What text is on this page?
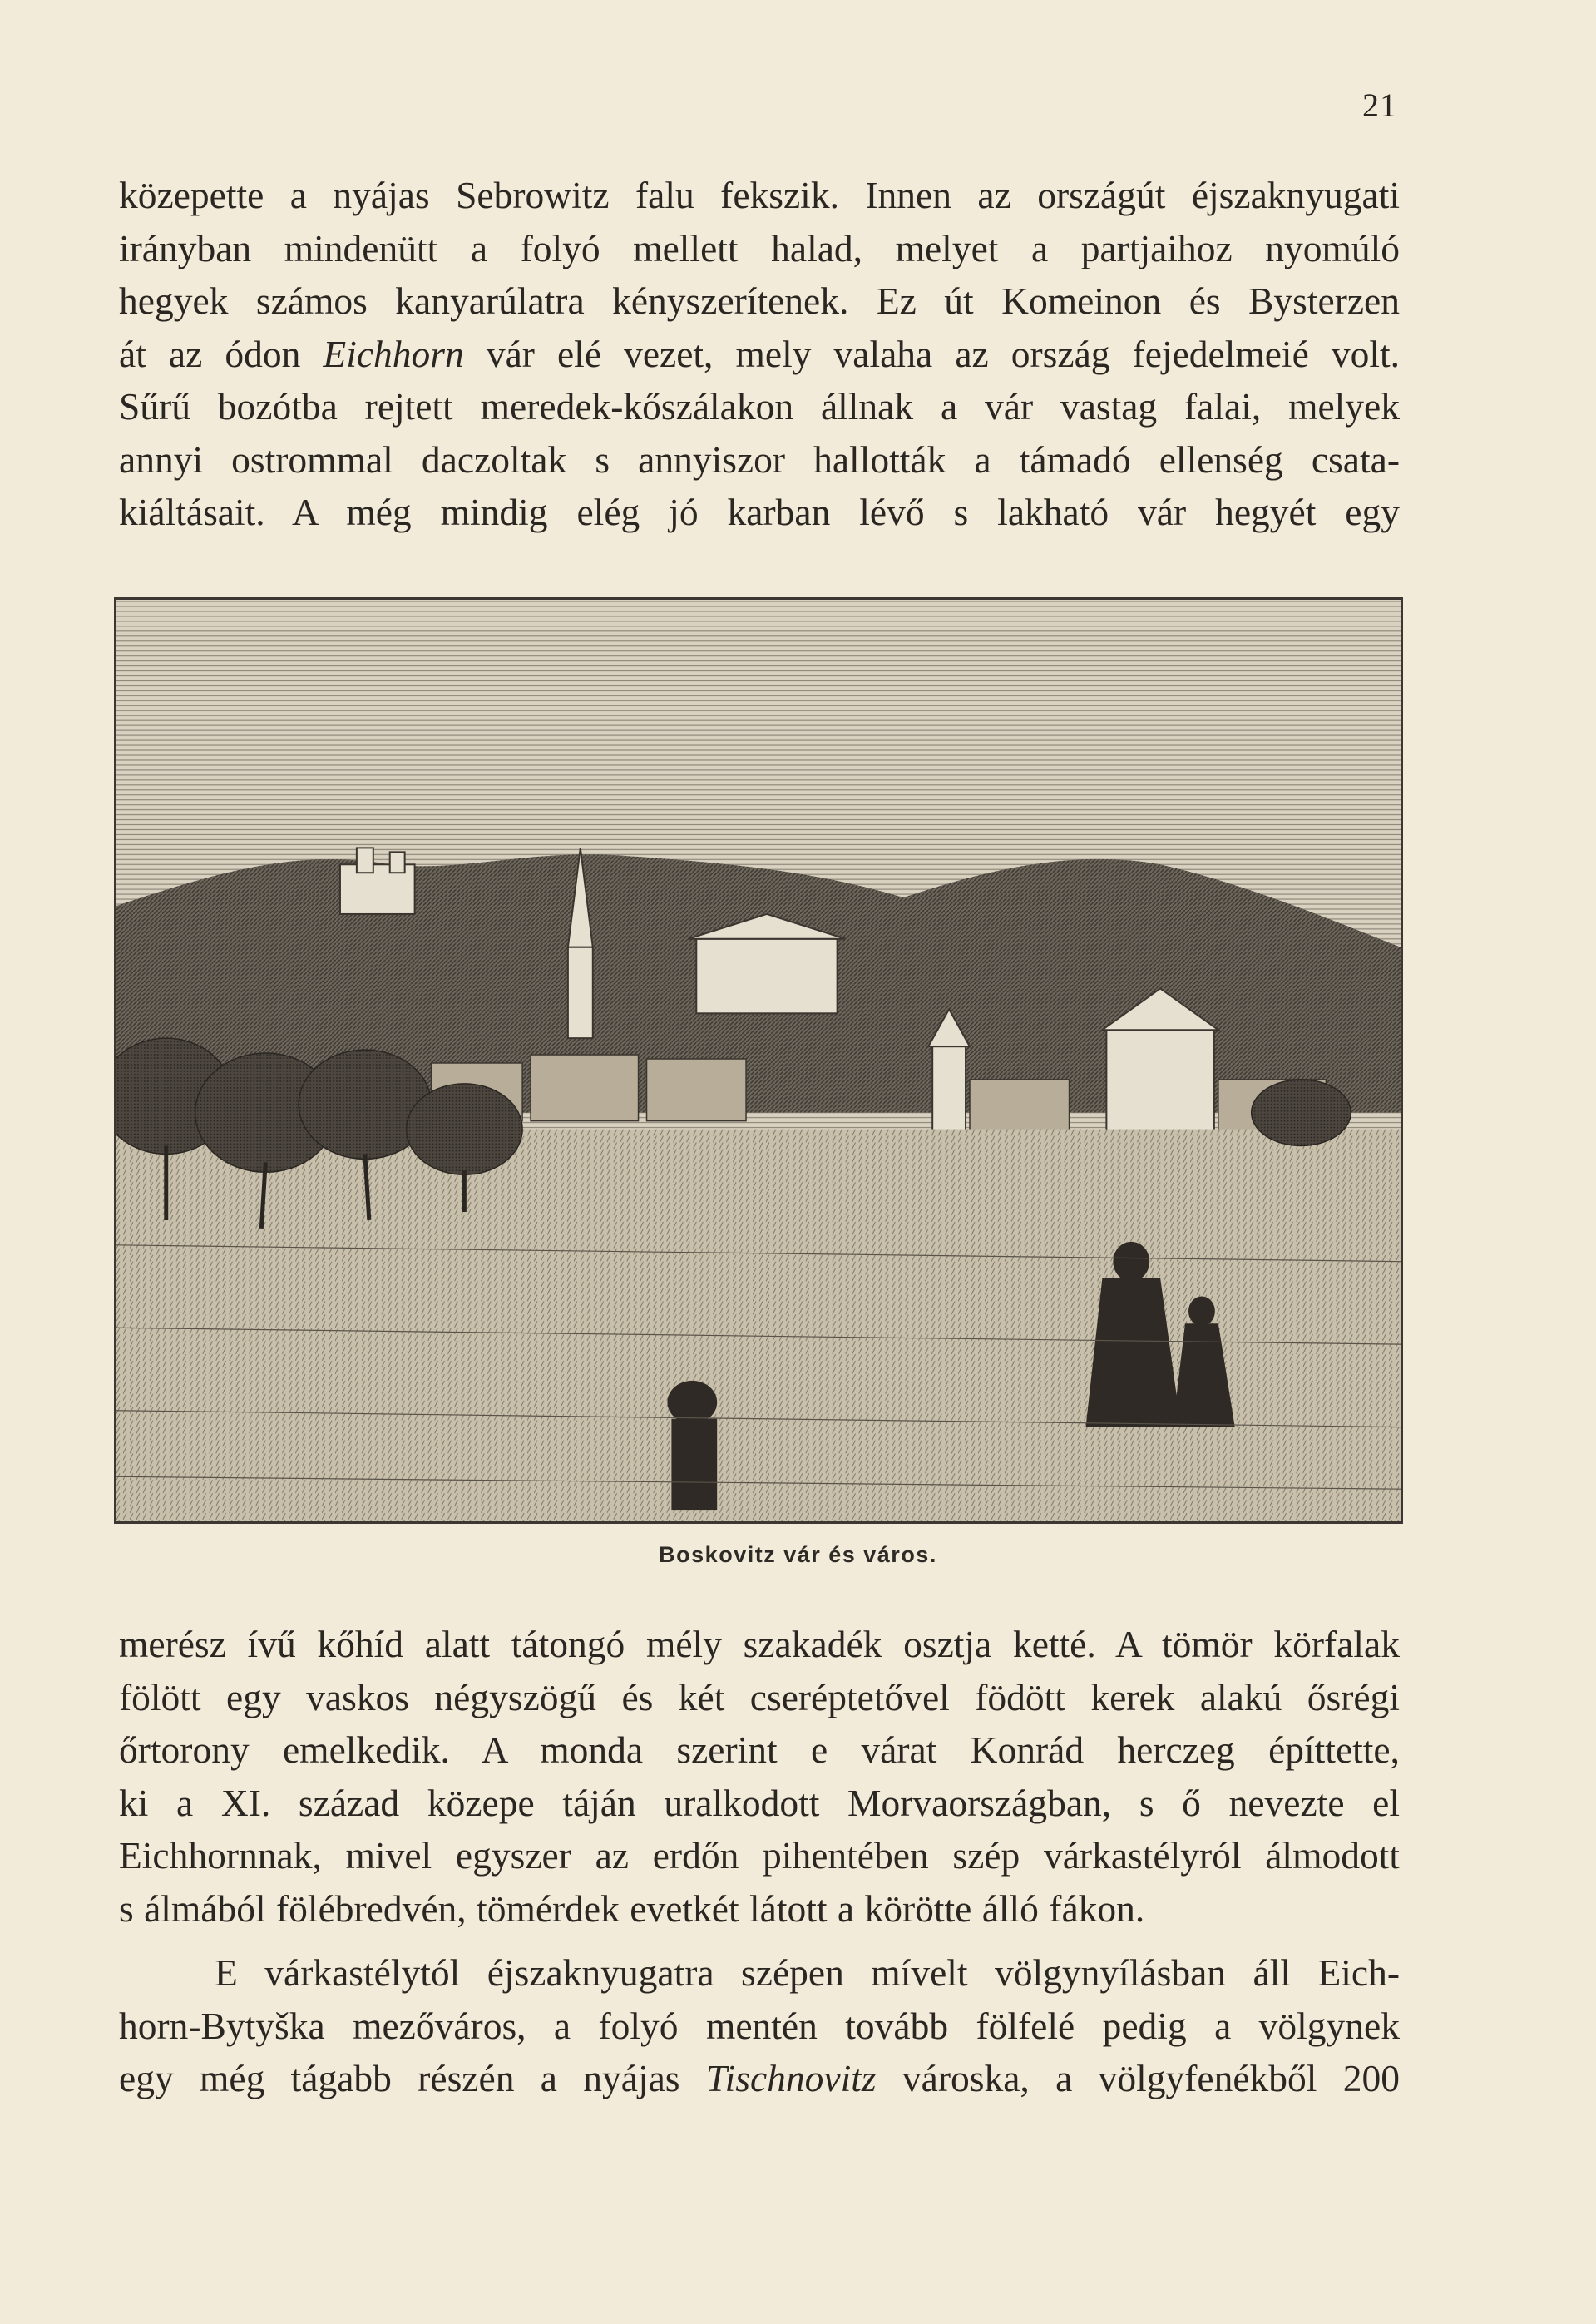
21
közepette a nyájas Sebrowitz falu fekszik. Innen az országút éjszaknyugati
irányban mindenütt a folyó mellett halad, melyet a partjaihoz nyomúló
hegyek számos kanyarúlatra kényszerítenek. Ez út Komeinon és Bysterzen
át az ódon Eichhorn vár elé vezet, mely valaha az ország fejedelmeié volt.
Sűrű bozótba rejtett meredek-kőszálakon állnak a vár vastag falai, melyek
annyi ostrommal daczoltak s annyiszor hallották a támadó ellenség csata-
kiáltásait. A még mindig elég jó karban lévő s lakható vár hegyét egy
Boskovitz vár és város.
merész ívű kőhíd alatt tátongó mély szakadék osztja ketté. A tömör körfalak
fölött egy vaskos négyszögű és két cseréptetővel födött kerek alakú ősrégi
őrtorony emelkedik. A monda szerint e várat Konrád herczeg építtette,
ki a XI. század közepe táján uralkodott Morvaországban, s ő nevezte el
Eichhornnak, mivel egyszer az erdőn pihentében szép várkastélyról álmodott
s álmából fölébredvén, tömérdek evetkét látott a körötte álló fákon.
E várkastélytól éjszaknyugatra szépen mívelt völgynyílásban áll Eich-
horn-Bytyška mezőváros, a folyó mentén tovább fölfelé pedig a völgynek
egy még tágabb részén a nyájas Tischnovitz városka, a völgyfenékből 200
